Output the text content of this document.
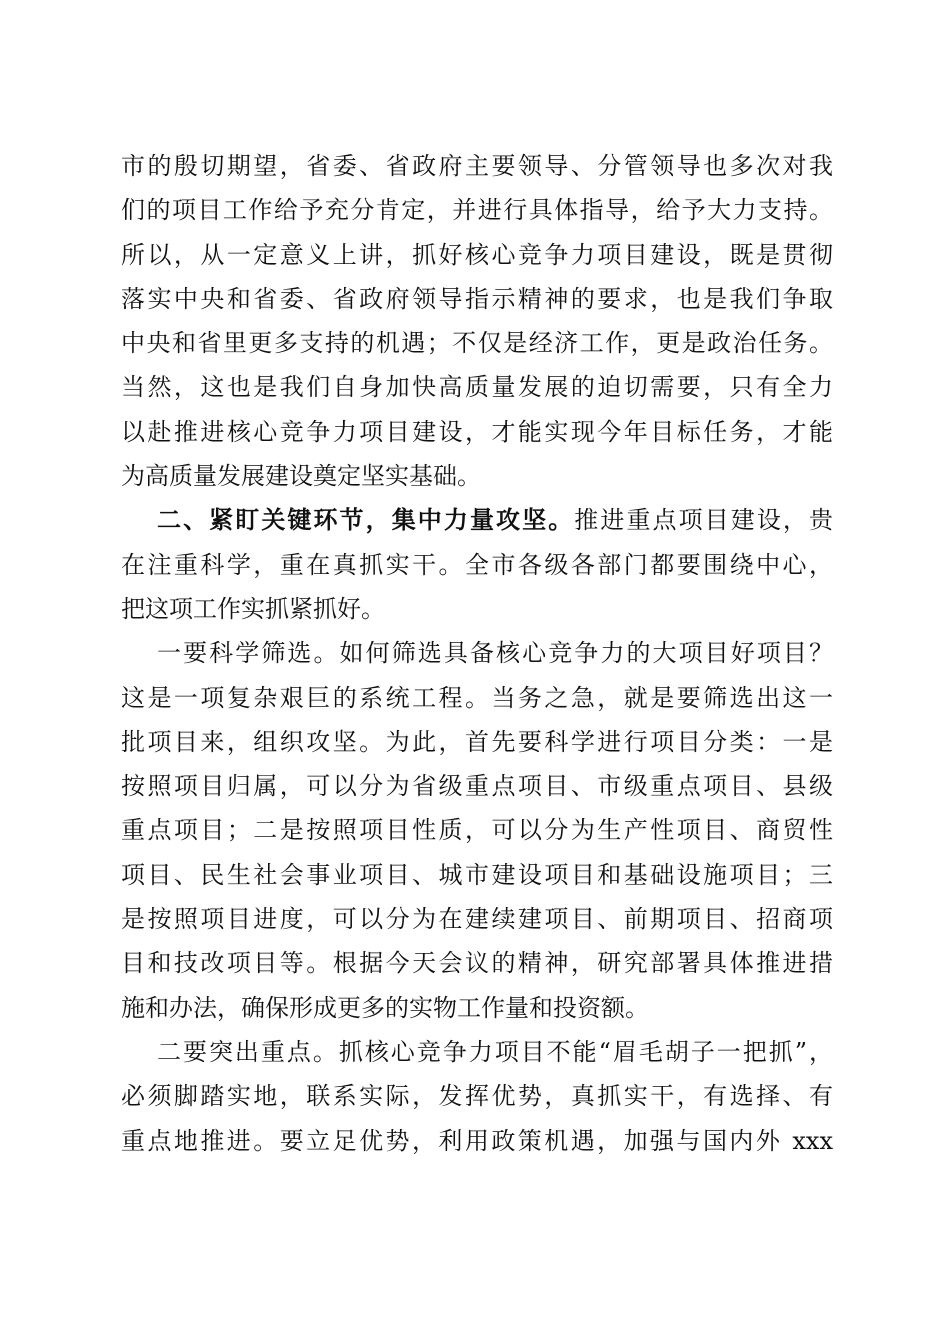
市的殷切期望，省委、省政府主要领导、分管领导也多次对我
们的项目工作给予充分肯定，并进行具体指导，给予大力支持。
所以，从一定意义上讲，抓好核心竞争力项目建设，既是贯彻
落实中央和省委、省政府领导指示精神的要求，也是我们争取
中央和省里更多支持的机遇；不仅是经济工作，更是政治任务。
当然，这也是我们自身加快高质量发展的迫切需要，只有全力
以赴推进核心竞争力项目建设，才能实现今年目标任务，才能
为高质量发展建设奠定坚实基础。
二、紧盯关键环节，集中力量攻坚。推进重点项目建设，贵
在注重科学，重在真抓实干。全市各级各部门都要围绕中心，
把这项工作实抓紧抓好。
一要科学筛选。如何筛选具备核心竞争力的大项目好项目？
这是一项复杂艰巨的系统工程。当务之急，就是要筛选出这一
批项目来，组织攻坚。为此，首先要科学进行项目分类：一是
按照项目归属，可以分为省级重点项目、市级重点项目、县级
重点项目；二是按照项目性质，可以分为生产性项目、商贸性
项目、民生社会事业项目、城市建设项目和基础设施项目；三
是按照项目进度，可以分为在建续建项目、前期项目、招商项
目和技改项目等。根据今天会议的精神，研究部署具体推进措
施和办法，确保形成更多的实物工作量和投资额。
二要突出重点。抓核心竞争力项目不能“眉毛胡子一把抓”，
必须脚踏实地，联系实际，发挥优势，真抓实干，有选择、有
重点地推进。要立足优势，利用政策机遇，加强与国内外 xxx
